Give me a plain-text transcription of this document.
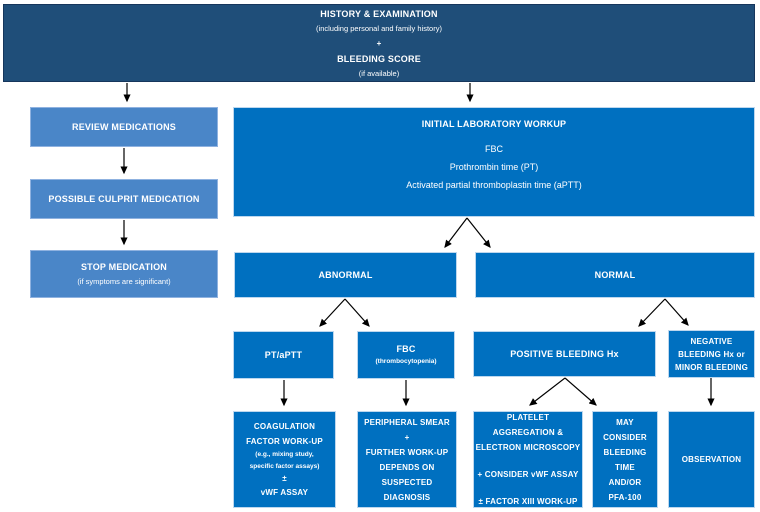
HISTORY & EXAMINATION
(including personal and family history)
+
BLEEDING SCORE
(if available)
REVIEW MEDICATIONS
POSSIBLE CULPRIT MEDICATION
STOP MEDICATION
(if symptoms are significant)
INITIAL LABORATORY WORKUP
FBC
Prothrombin time (PT)
Activated partial thromboplastin time (aPTT)
ABNORMAL	NORMAL
PT/aPTT
FBC
(thrombocytopenia)
POSITIVE BLEEDING Hx
NEGATIVE
BLEEDING Hx or
MINOR BLEEDING
COAGULATION
FACTOR WORK-UP
(e.g., mixing study,
specific factor assays)
±
vWF ASSAY
PERIPHERAL SMEAR
+
FURTHER WORK-UP
DEPENDS ON
SUSPECTED
DIAGNOSIS
PLATELET
AGGREGATION &
ELECTRON MICROSCOPY
+ CONSIDER vWF ASSAY
± FACTOR XIII WORK-UP
MAY
CONSIDER
BLEEDING
TIME
AND/OR
PFA-100
OBSERVATION
